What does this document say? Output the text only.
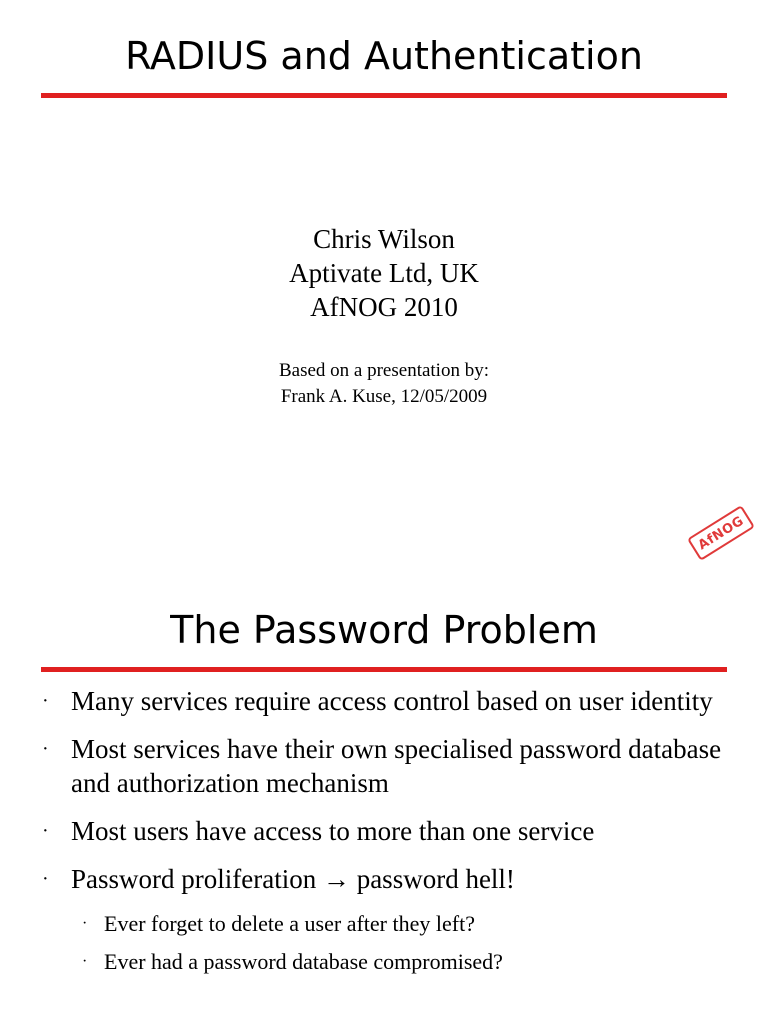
RADIUS and Authentication
Chris Wilson
Aptivate Ltd, UK
AfNOG 2010
Based on a presentation by:
Frank A. Kuse, 12/05/2009
AfNOG
The Password Problem
· Many services require access control based on user identity
· Most services have their own specialised password database and authorization mechanism
· Most users have access to more than one service
· Password proliferation → password hell!
· Ever forget to delete a user after they left?
· Ever had a password database compromised?
